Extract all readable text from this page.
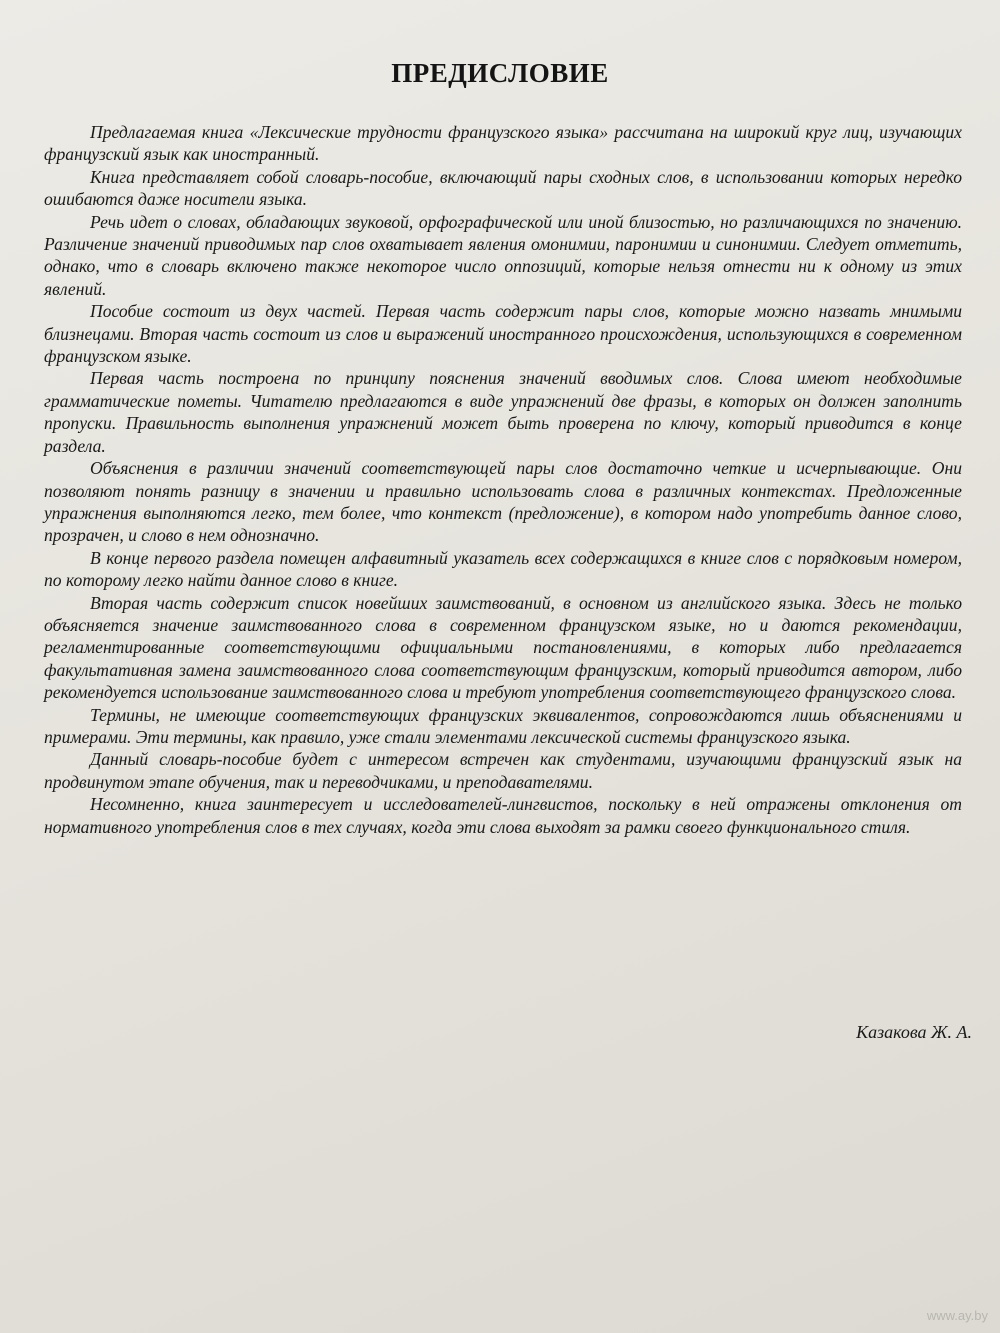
ПРЕДИСЛОВИЕ

Предлагаемая книга «Лексические трудности французского языка» рассчитана на широкий круг лиц, изучающих французский язык как иностранный.

Книга представляет собой словарь-пособие, включающий пары сходных слов, в использовании которых нередко ошибаются даже носители языка.

Речь идет о словах, обладающих звуковой, орфографической или иной близостью, но различающихся по значению. Различение значений приводимых пар слов охватывает явления омонимии, паронимии и синонимии. Следует отметить, однако, что в словарь включено также некоторое число оппозиций, которые нельзя отнести ни к одному из этих явлений.

Пособие состоит из двух частей. Первая часть содержит пары слов, которые можно назвать мнимыми близнецами. Вторая часть состоит из слов и выражений иностранного происхождения, использующихся в современном французском языке.

Первая часть построена по принципу пояснения значений вводимых слов. Слова имеют необходимые грамматические пометы. Читателю предлагаются в виде упражнений две фразы, в которых он должен заполнить пропуски. Правильность выполнения упражнений может быть проверена по ключу, который приводится в конце раздела.

Объяснения в различии значений соответствующей пары слов достаточно четкие и исчерпывающие. Они позволяют понять разницу в значении и правильно использовать слова в различных контекстах. Предложенные упражнения выполняются легко, тем более, что контекст (предложение), в котором надо употребить данное слово, прозрачен, и слово в нем однозначно.

В конце первого раздела помещен алфавитный указатель всех содержащихся в книге слов с порядковым номером, по которому легко найти данное слово в книге.

Вторая часть содержит список новейших заимствований, в основном из английского языка. Здесь не только объясняется значение заимствованного слова в современном французском языке, но и даются рекомендации, регламентированные соответствующими официальными постановлениями, в которых либо предлагается факультативная замена заимствованного слова соответствующим французским, который приводится автором, либо рекомендуется использование заимствованного слова и требуют употребления соответствующего французского слова.

Термины, не имеющие соответствующих французских эквивалентов, сопровождаются лишь объяснениями и примерами. Эти термины, как правило, уже стали элементами лексической системы французского языка.

Данный словарь-пособие будет с интересом встречен как студентами, изучающими французский язык на продвинутом этапе обучения, так и переводчиками, и преподавателями.

Несомненно, книга заинтересует и исследователей-лингвистов, поскольку в ней отражены отклонения от нормативного употребления слов в тех случаях, когда эти слова выходят за рамки своего функционального стиля.

Казакова Ж. А.
www.ay.by
